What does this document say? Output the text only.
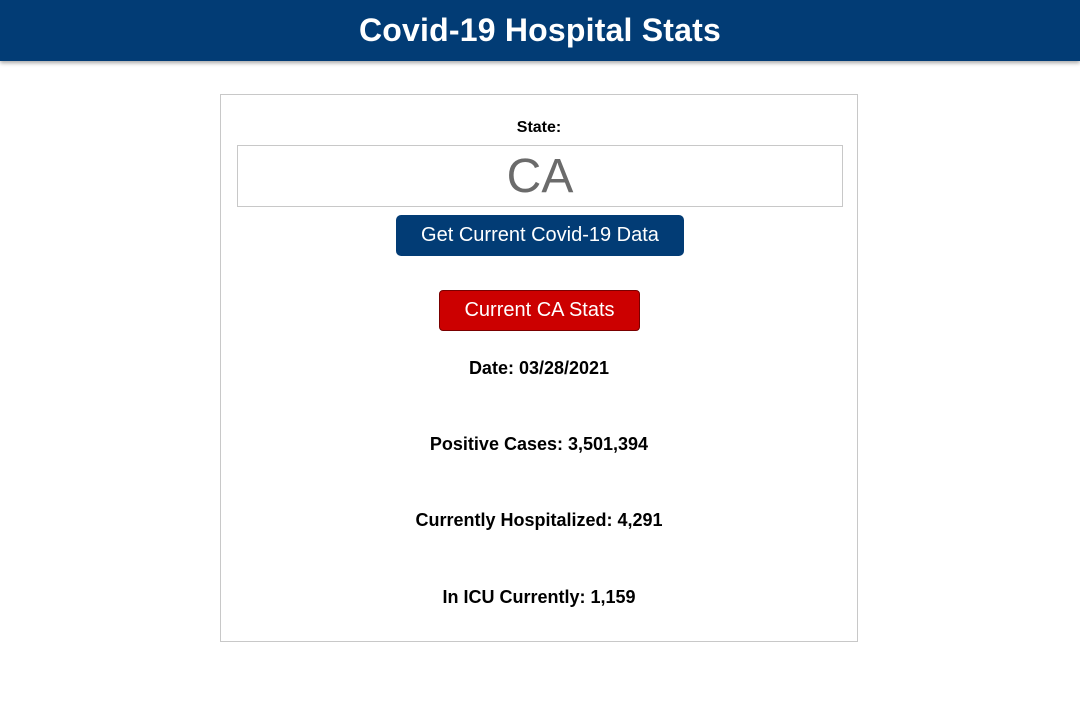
Covid-19 Hospital Stats
State:
CA
Get Current Covid-19 Data
Current CA Stats

Date: 03/28/2021

Positive Cases: 3,501,394

Currently Hospitalized: 4,291

In ICU Currently: 1,159
